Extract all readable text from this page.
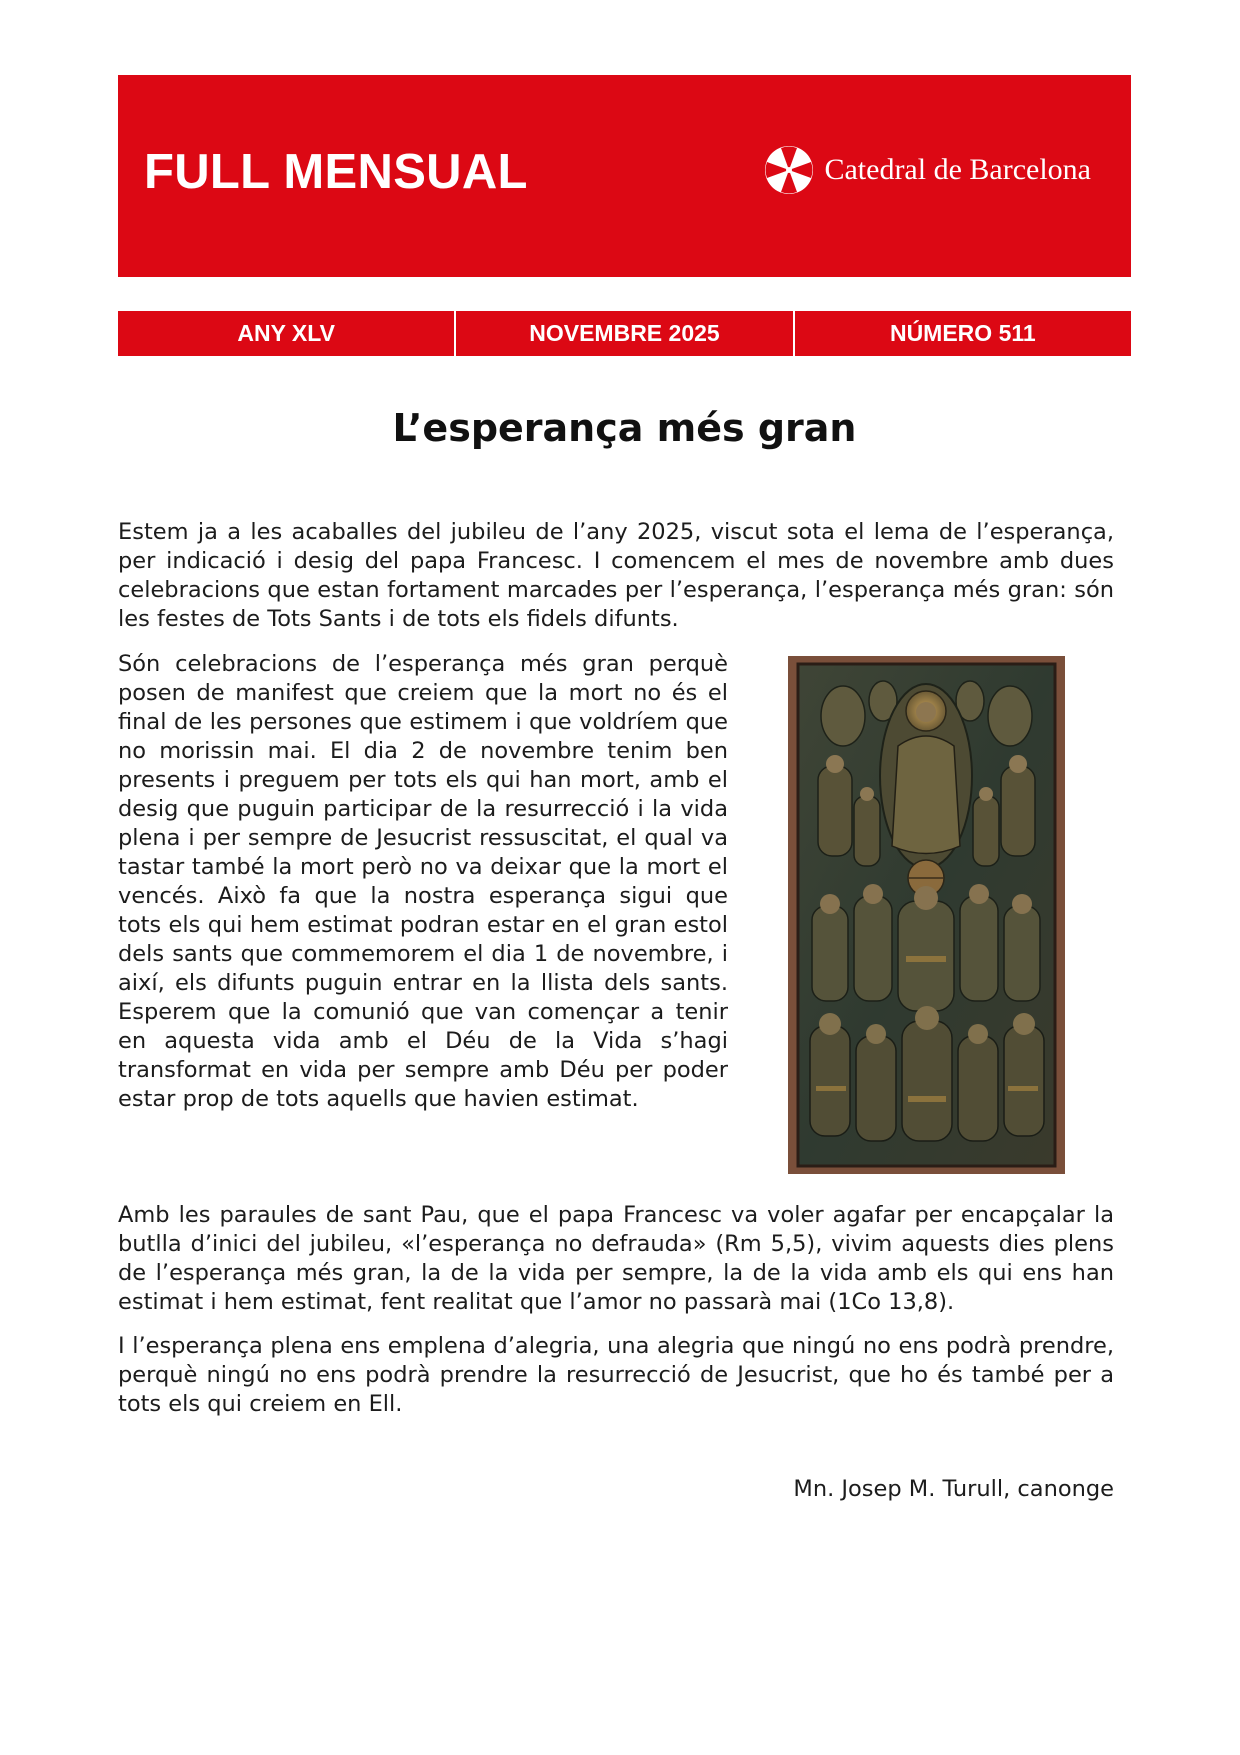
FULL MENSUAL	Catedral de Barcelona
ANY XLV	NOVEMBRE 2025	NÚMERO 511
L’esperança més gran

Estem ja a les acaballes del jubileu de l’any 2025, viscut sota el lema de l’esperança, per indicació i desig del papa Francesc. I comencem el mes de novembre amb dues celebracions que estan fortament marcades per l’esperança, l’esperança més gran: són les festes de Tots Sants i de tots els fidels difunts.

Són celebracions de l’esperança més gran perquè posen de manifest que creiem que la mort no és el final de les persones que estimem i que voldríem que no morissin mai. El dia 2 de novembre tenim ben presents i preguem per tots els qui han mort, amb el desig que puguin participar de la resurrecció i la vida plena i per sempre de Jesucrist ressuscitat, el qual va tastar també la mort però no va deixar que la mort el vencés. Això fa que la nostra esperança sigui que tots els qui hem estimat podran estar en el gran estol dels sants que commemorem el dia 1 de novembre, i així, els difunts puguin entrar en la llista dels sants. Esperem que la comunió que van començar a tenir en aquesta vida amb el Déu de la Vida s’hagi transformat en vida per sempre amb Déu per poder estar prop de tots aquells que havien estimat.

Amb les paraules de sant Pau, que el papa Francesc va voler agafar per encapçalar la butlla d’inici del jubileu, «l’esperança no defrauda» (Rm 5,5), vivim aquests dies plens de l’esperança més gran, la de la vida per sempre, la de la vida amb els qui ens han estimat i hem estimat, fent realitat que l’amor no passarà mai (1Co 13,8).

I l’esperança plena ens emplena d’alegria, una alegria que ningú no ens podrà prendre, perquè ningú no ens podrà prendre la resurrecció de Jesucrist, que ho és també per a tots els qui creiem en Ell.

Mn. Josep M. Turull, canonge
